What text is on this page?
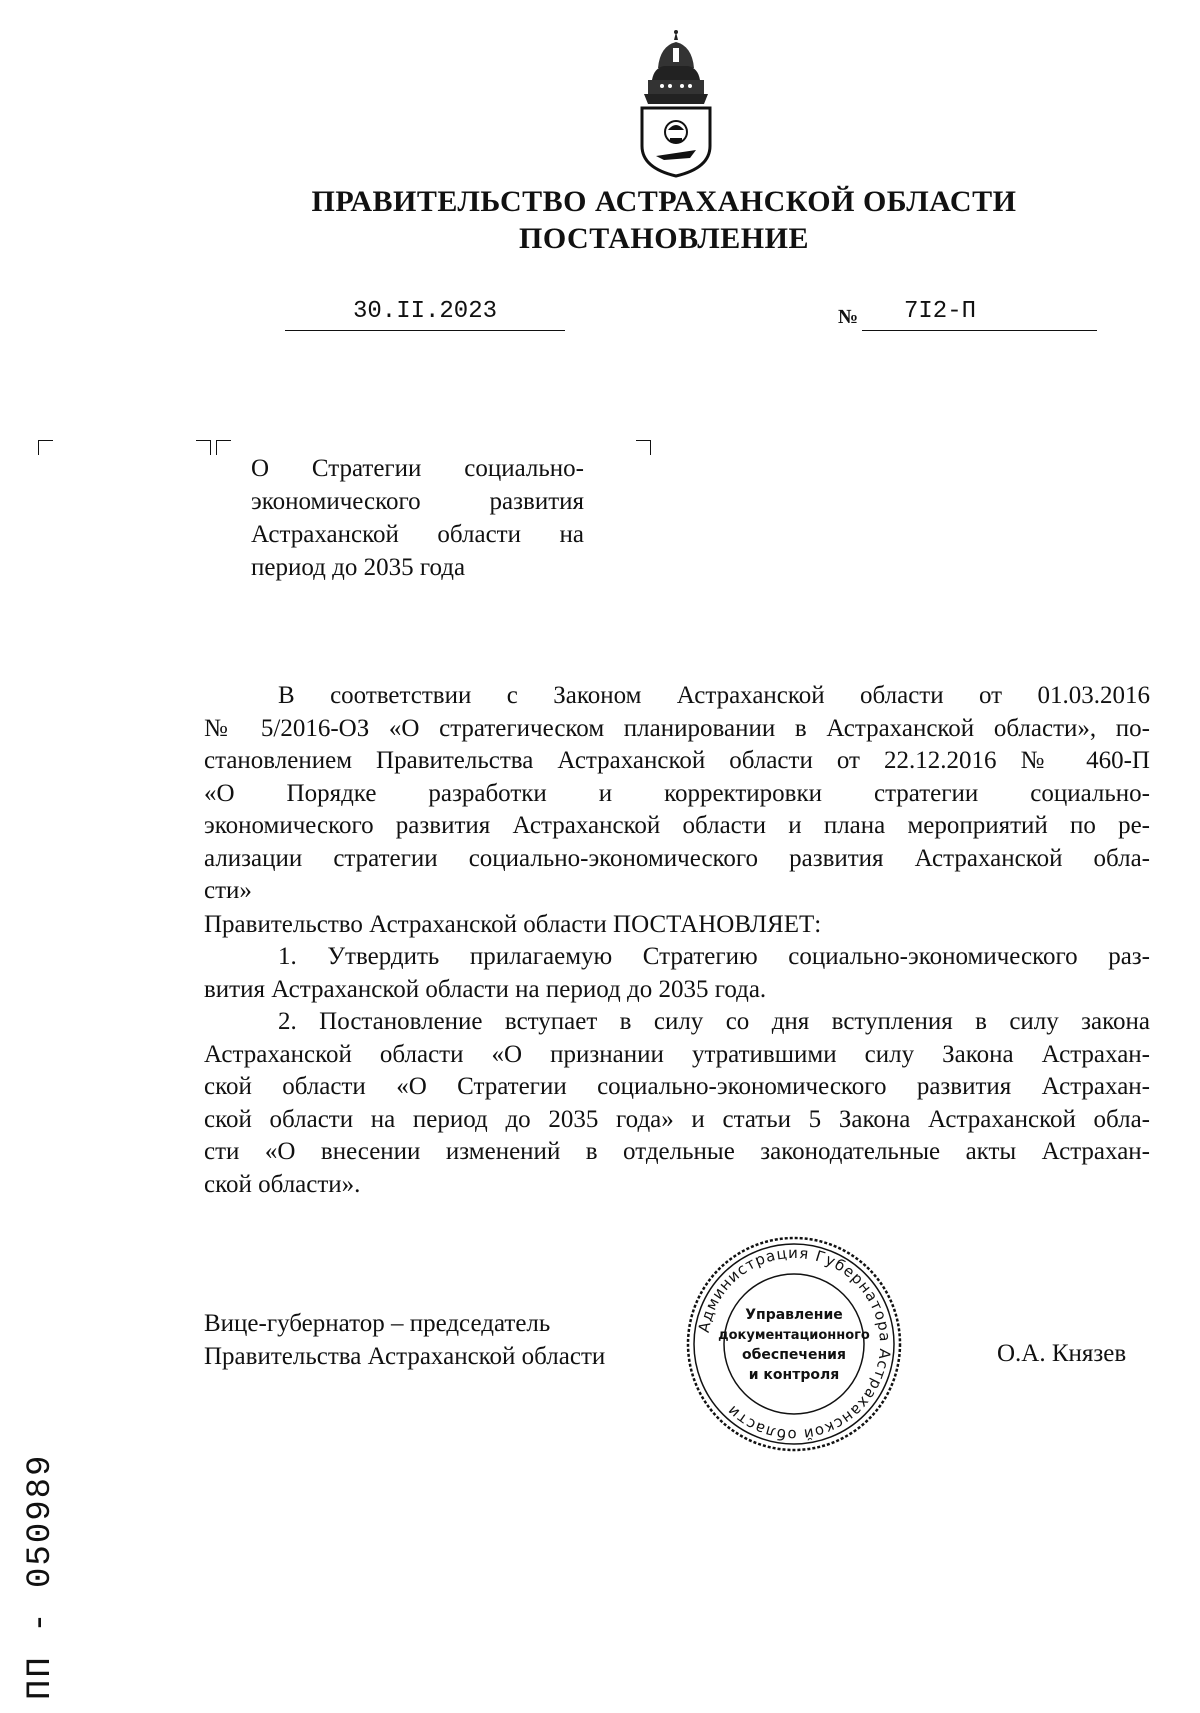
ПРАВИТЕЛЬСТВО АСТРАХАНСКОЙ ОБЛАСТИ
ПОСТАНОВЛЕНИЕ
30.II.2023	№	7I2-П
О Стратегии социально-
экономического развития
Астраханской области на
период до 2035 года
В соответствии с Законом Астраханской области от 01.03.2016
№ 5/2016-ОЗ «О стратегическом планировании в Астраханской области», по-
становлением Правительства Астраханской области от 22.12.2016 № 460-П
«О Порядке разработки и корректировки стратегии социально-
экономического развития Астраханской области и плана мероприятий по ре-
ализации стратегии социально-экономического развития Астраханской обла-
сти»
Правительство Астраханской области ПОСТАНОВЛЯЕТ:
1. Утвердить прилагаемую Стратегию социально-экономического раз-
вития Астраханской области на период до 2035 года.
2. Постановление вступает в силу со дня вступления в силу закона
Астраханской области «О признании утратившими силу Закона Астрахан-
ской области «О Стратегии социально-экономического развития Астрахан-
ской области на период до 2035 года» и статьи 5 Закона Астраханской обла-
сти «О внесении изменений в отдельные законодательные акты Астрахан-
ской области».
Вице-губернатор – председатель
Правительства Астраханской области	О.А. Князев
Администрация Губернатора Астраханской области
Управление
документационного
обеспечения
и контроля
ПП - 050989
